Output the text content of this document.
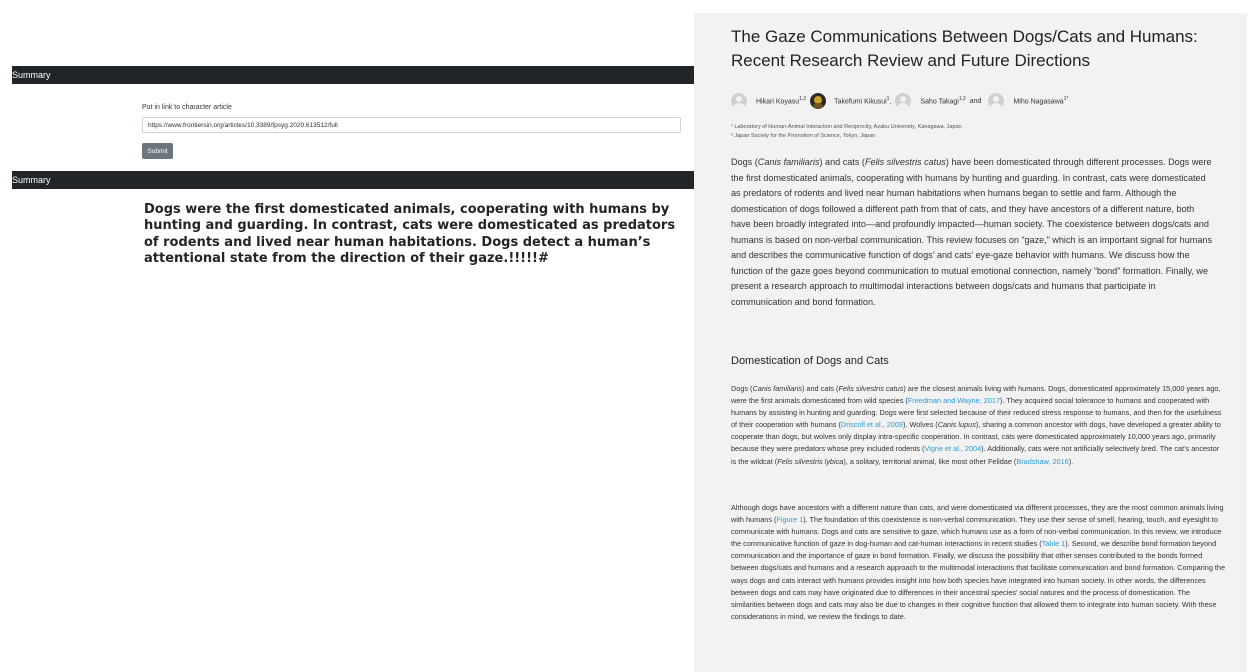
Summary
Put in link to character article
https://www.frontiersin.org/articles/10.3389/fpsyg.2020.613512/full
Submit
Summary
Dogs were the first domesticated animals, cooperating with humans by hunting and guarding. In contrast, cats were domesticated as predators of rodents and lived near human habitations. Dogs detect a human’s attentional state from the direction of their gaze.!!!!!#
The Gaze Communications Between Dogs/Cats and Humans: Recent Research Review and Future Directions
Hikari Koyasu$^{1,2}$	Takefumi Kikusui$^1$,	Saho Takagi$^{1,2}$ and	Miho Nagasawa$^{1*}$
¹ Laboratory of Human-Animal Interaction and Reciprocity, Azabu University, Kanagawa, Japan
² Japan Society for the Promotion of Science, Tokyo, Japan
Dogs (Canis familiaris) and cats (Felis silvestris catus) have been domesticated through different processes. Dogs were the first domesticated animals, cooperating with humans by hunting and guarding. In contrast, cats were domesticated as predators of rodents and lived near human habitations when humans began to settle and farm. Although the domestication of dogs followed a different path from that of cats, and they have ancestors of a different nature, both have been broadly integrated into—and profoundly impacted—human society. The coexistence between dogs/cats and humans is based on non-verbal communication. This review focuses on “gaze,” which is an important signal for humans and describes the communicative function of dogs’ and cats’ eye-gaze behavior with humans. We discuss how the function of the gaze goes beyond communication to mutual emotional connection, namely “bond” formation. Finally, we present a research approach to multimodal interactions between dogs/cats and humans that participate in communication and bond formation.
Domestication of Dogs and Cats
Dogs (Canis familiaris) and cats (Felis silvestris catus) are the closest animals living with humans. Dogs, domesticated approximately 15,000 years ago, were the first animals domesticated from wild species (Freedman and Wayne, 2017). They acquired social tolerance to humans and cooperated with humans by assisting in hunting and guarding. Dogs were first selected because of their reduced stress response to humans, and then for the usefulness of their cooperation with humans (Driscoll et al., 2009). Wolves (Canis lupus), sharing a common ancestor with dogs, have developed a greater ability to cooperate than dogs, but wolves only display intra-specific cooperation. In contrast, cats were domesticated approximately 10,000 years ago, primarily because they were predators whose prey included rodents (Vigne et al., 2004). Additionally, cats were not artificially selectively bred. The cat’s ancestor is the wildcat (Felis silvestris lybica), a solitary, territorial animal, like most other Felidae (Bradshaw, 2016).
Although dogs have ancestors with a different nature than cats, and were domesticated via different processes, they are the most common animals living with humans (Figure 1). The foundation of this coexistence is non-verbal communication. They use their sense of smell, hearing, touch, and eyesight to communicate with humans. Dogs and cats are sensitive to gaze, which humans use as a form of non-verbal communication. In this review, we introduce the communicative function of gaze in dog-human and cat-human interactions in recent studies (Table 1). Second, we describe bond formation beyond communication and the importance of gaze in bond formation. Finally, we discuss the possibility that other senses contributed to the bonds formed between dogs/cats and humans and a research approach to the multimodal interactions that facilitate communication and bond formation. Comparing the ways dogs and cats interact with humans provides insight into how both species have integrated into human society. In other words, the differences between dogs and cats may have originated due to differences in their ancestral species’ social natures and the process of domestication. The similarities between dogs and cats may also be due to changes in their cognitive function that allowed them to integrate into human society. With these considerations in mind, we review the findings to date.
